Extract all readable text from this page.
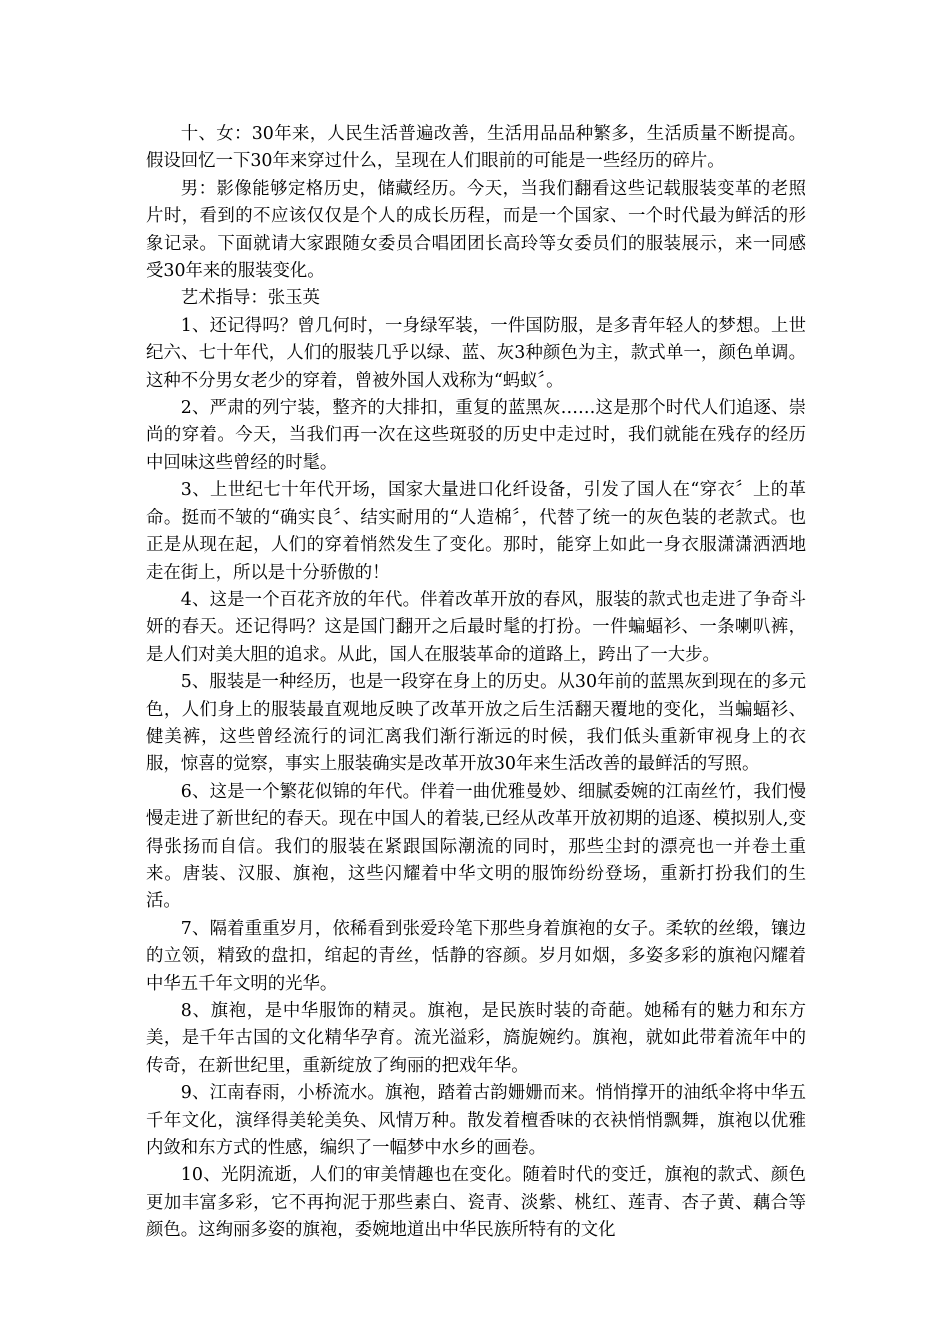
十、女：30年来，人民生活普遍改善，生活用品品种繁多，生活质量不断提高。假设回忆一下30年来穿过什么，呈现在人们眼前的可能是一些经历的碎片。

男：影像能够定格历史，储藏经历。今天，当我们翻看这些记载服装变革的老照片时，看到的不应该仅仅是个人的成长历程，而是一个国家、一个时代最为鲜活的形象记录。下面就请大家跟随女委员合唱团团长高玲等女委员们的服装展示，来一同感受30年来的服装变化。

艺术指导：张玉英

1、还记得吗？曾几何时，一身绿军装，一件国防服，是多青年轻人的梦想。上世纪六、七十年代，人们的服装几乎以绿、蓝、灰3种颜色为主，款式单一，颜色单调。这种不分男女老少的穿着，曾被外国人戏称为“蚂蚁〞。

2、严肃的列宁装，整齐的大排扣，重复的蓝黑灰……这是那个时代人们追逐、崇尚的穿着。今天，当我们再一次在这些斑驳的历史中走过时，我们就能在残存的经历中回味这些曾经的时髦。

3、上世纪七十年代开场，国家大量进口化纤设备，引发了国人在“穿衣〞上的革命。挺而不皱的“确实良〞、结实耐用的“人造棉〞，代替了统一的灰色装的老款式。也正是从现在起，人们的穿着悄然发生了变化。那时，能穿上如此一身衣服潇潇洒洒地走在街上，所以是十分骄傲的！

4、这是一个百花齐放的年代。伴着改革开放的春风，服装的款式也走进了争奇斗妍的春天。还记得吗？这是国门翻开之后最时髦的打扮。一件蝙蝠衫、一条喇叭裤，是人们对美大胆的追求。从此，国人在服装革命的道路上，跨出了一大步。

5、服装是一种经历，也是一段穿在身上的历史。从30年前的蓝黑灰到现在的多元色，人们身上的服装最直观地反映了改革开放之后生活翻天覆地的变化，当蝙蝠衫、健美裤，这些曾经流行的词汇离我们渐行渐远的时候，我们低头重新审视身上的衣服，惊喜的觉察，事实上服装确实是改革开放30年来生活改善的最鲜活的写照。

6、这是一个繁花似锦的年代。伴着一曲优雅曼妙、细腻委婉的江南丝竹，我们慢慢走进了新世纪的春天。现在中国人的着装,已经从改革开放初期的追逐、模拟别人,变得张扬而自信。我们的服装在紧跟国际潮流的同时，那些尘封的漂亮也一并卷土重来。唐装、汉服、旗袍，这些闪耀着中华文明的服饰纷纷登场，重新打扮我们的生活。

7、隔着重重岁月，依稀看到张爱玲笔下那些身着旗袍的女子。柔软的丝缎，镶边的立领，精致的盘扣，绾起的青丝，恬静的容颜。岁月如烟，多姿多彩的旗袍闪耀着中华五千年文明的光华。

8、旗袍，是中华服饰的精灵。旗袍，是民族时装的奇葩。她稀有的魅力和东方美，是千年古国的文化精华孕育。流光溢彩，旖旎婉约。旗袍，就如此带着流年中的传奇，在新世纪里，重新绽放了绚丽的把戏年华。

9、江南春雨，小桥流水。旗袍，踏着古韵姗姗而来。悄悄撑开的油纸伞将中华五千年文化，演绎得美轮美奂、风情万种。散发着檀香味的衣袂悄悄飘舞，旗袍以优雅内敛和东方式的性感，编织了一幅梦中水乡的画卷。

10、光阴流逝，人们的审美情趣也在变化。随着时代的变迁，旗袍的款式、颜色更加丰富多彩，它不再拘泥于那些素白、瓷青、淡紫、桃红、莲青、杏子黄、藕合等颜色。这绚丽多姿的旗袍，委婉地道出中华民族所特有的文化
